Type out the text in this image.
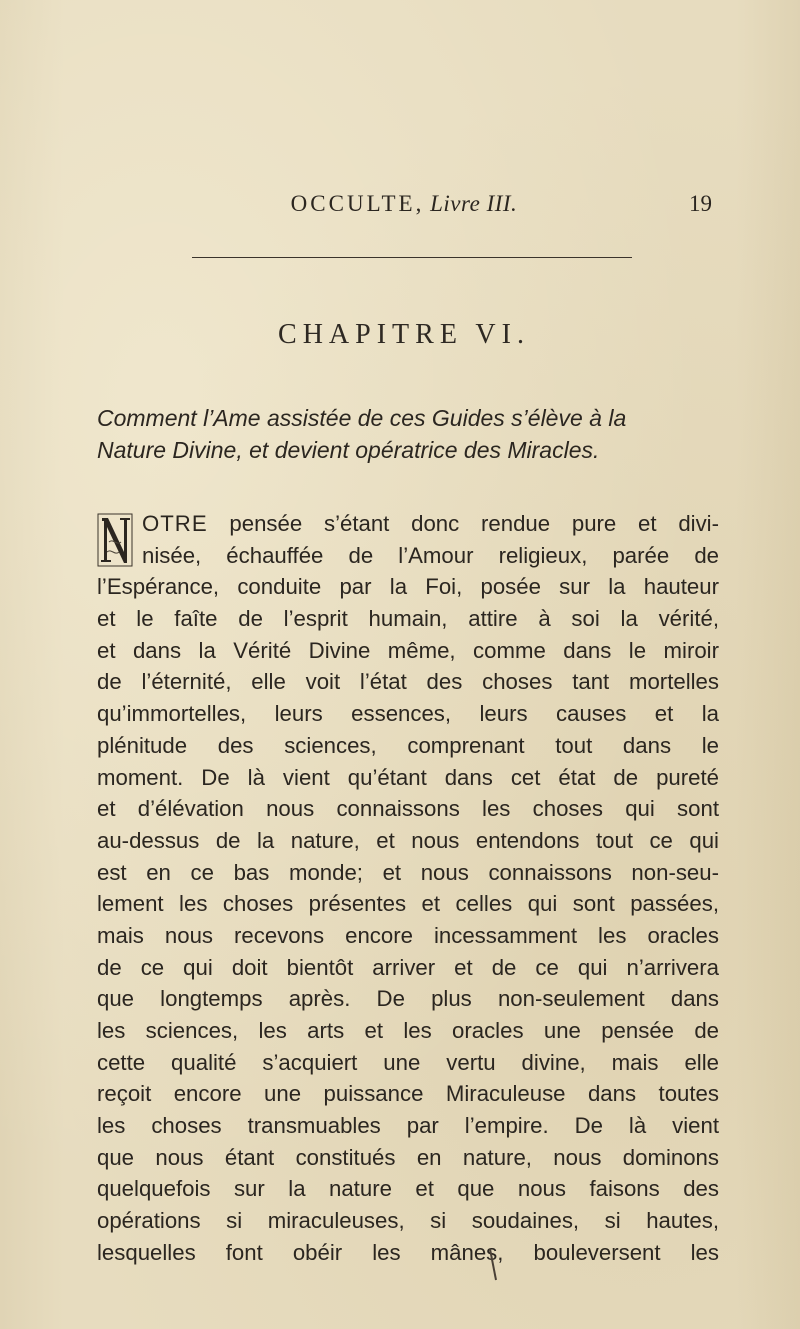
OCCULTE, Livre III.	19
CHAPITRE VI.
Comment l’Ame assistée de ces Guides s’élève à la
Nature Divine, et devient opératrice des Miracles.
OTRE pensée s’étant donc rendue pure et divi-
nisée, échauffée de l’Amour religieux, parée de
l’Espérance, conduite par la Foi, posée sur la hauteur
et le faîte de l’esprit humain, attire à soi la vérité,
et dans la Vérité Divine même, comme dans le miroir
de l’éternité, elle voit l’état des choses tant mortelles
qu’immortelles, leurs essences, leurs causes et la
plénitude des sciences, comprenant tout dans le
moment. De là vient qu’étant dans cet état de pureté
et d’élévation nous connaissons les choses qui sont
au-dessus de la nature, et nous entendons tout ce qui
est en ce bas monde; et nous connaissons non-seu-
lement les choses présentes et celles qui sont passées,
mais nous recevons encore incessamment les oracles
de ce qui doit bientôt arriver et de ce qui n’arrivera
que longtemps après. De plus non-seulement dans
les sciences, les arts et les oracles une pensée de
cette qualité s’acquiert une vertu divine, mais elle
reçoit encore une puissance Miraculeuse dans toutes
les choses transmuables par l’empire. De là vient
que nous étant constitués en nature, nous dominons
quelquefois sur la nature et que nous faisons des
opérations si miraculeuses, si soudaines, si hautes,
lesquelles font obéir les mânes, bouleversent les
